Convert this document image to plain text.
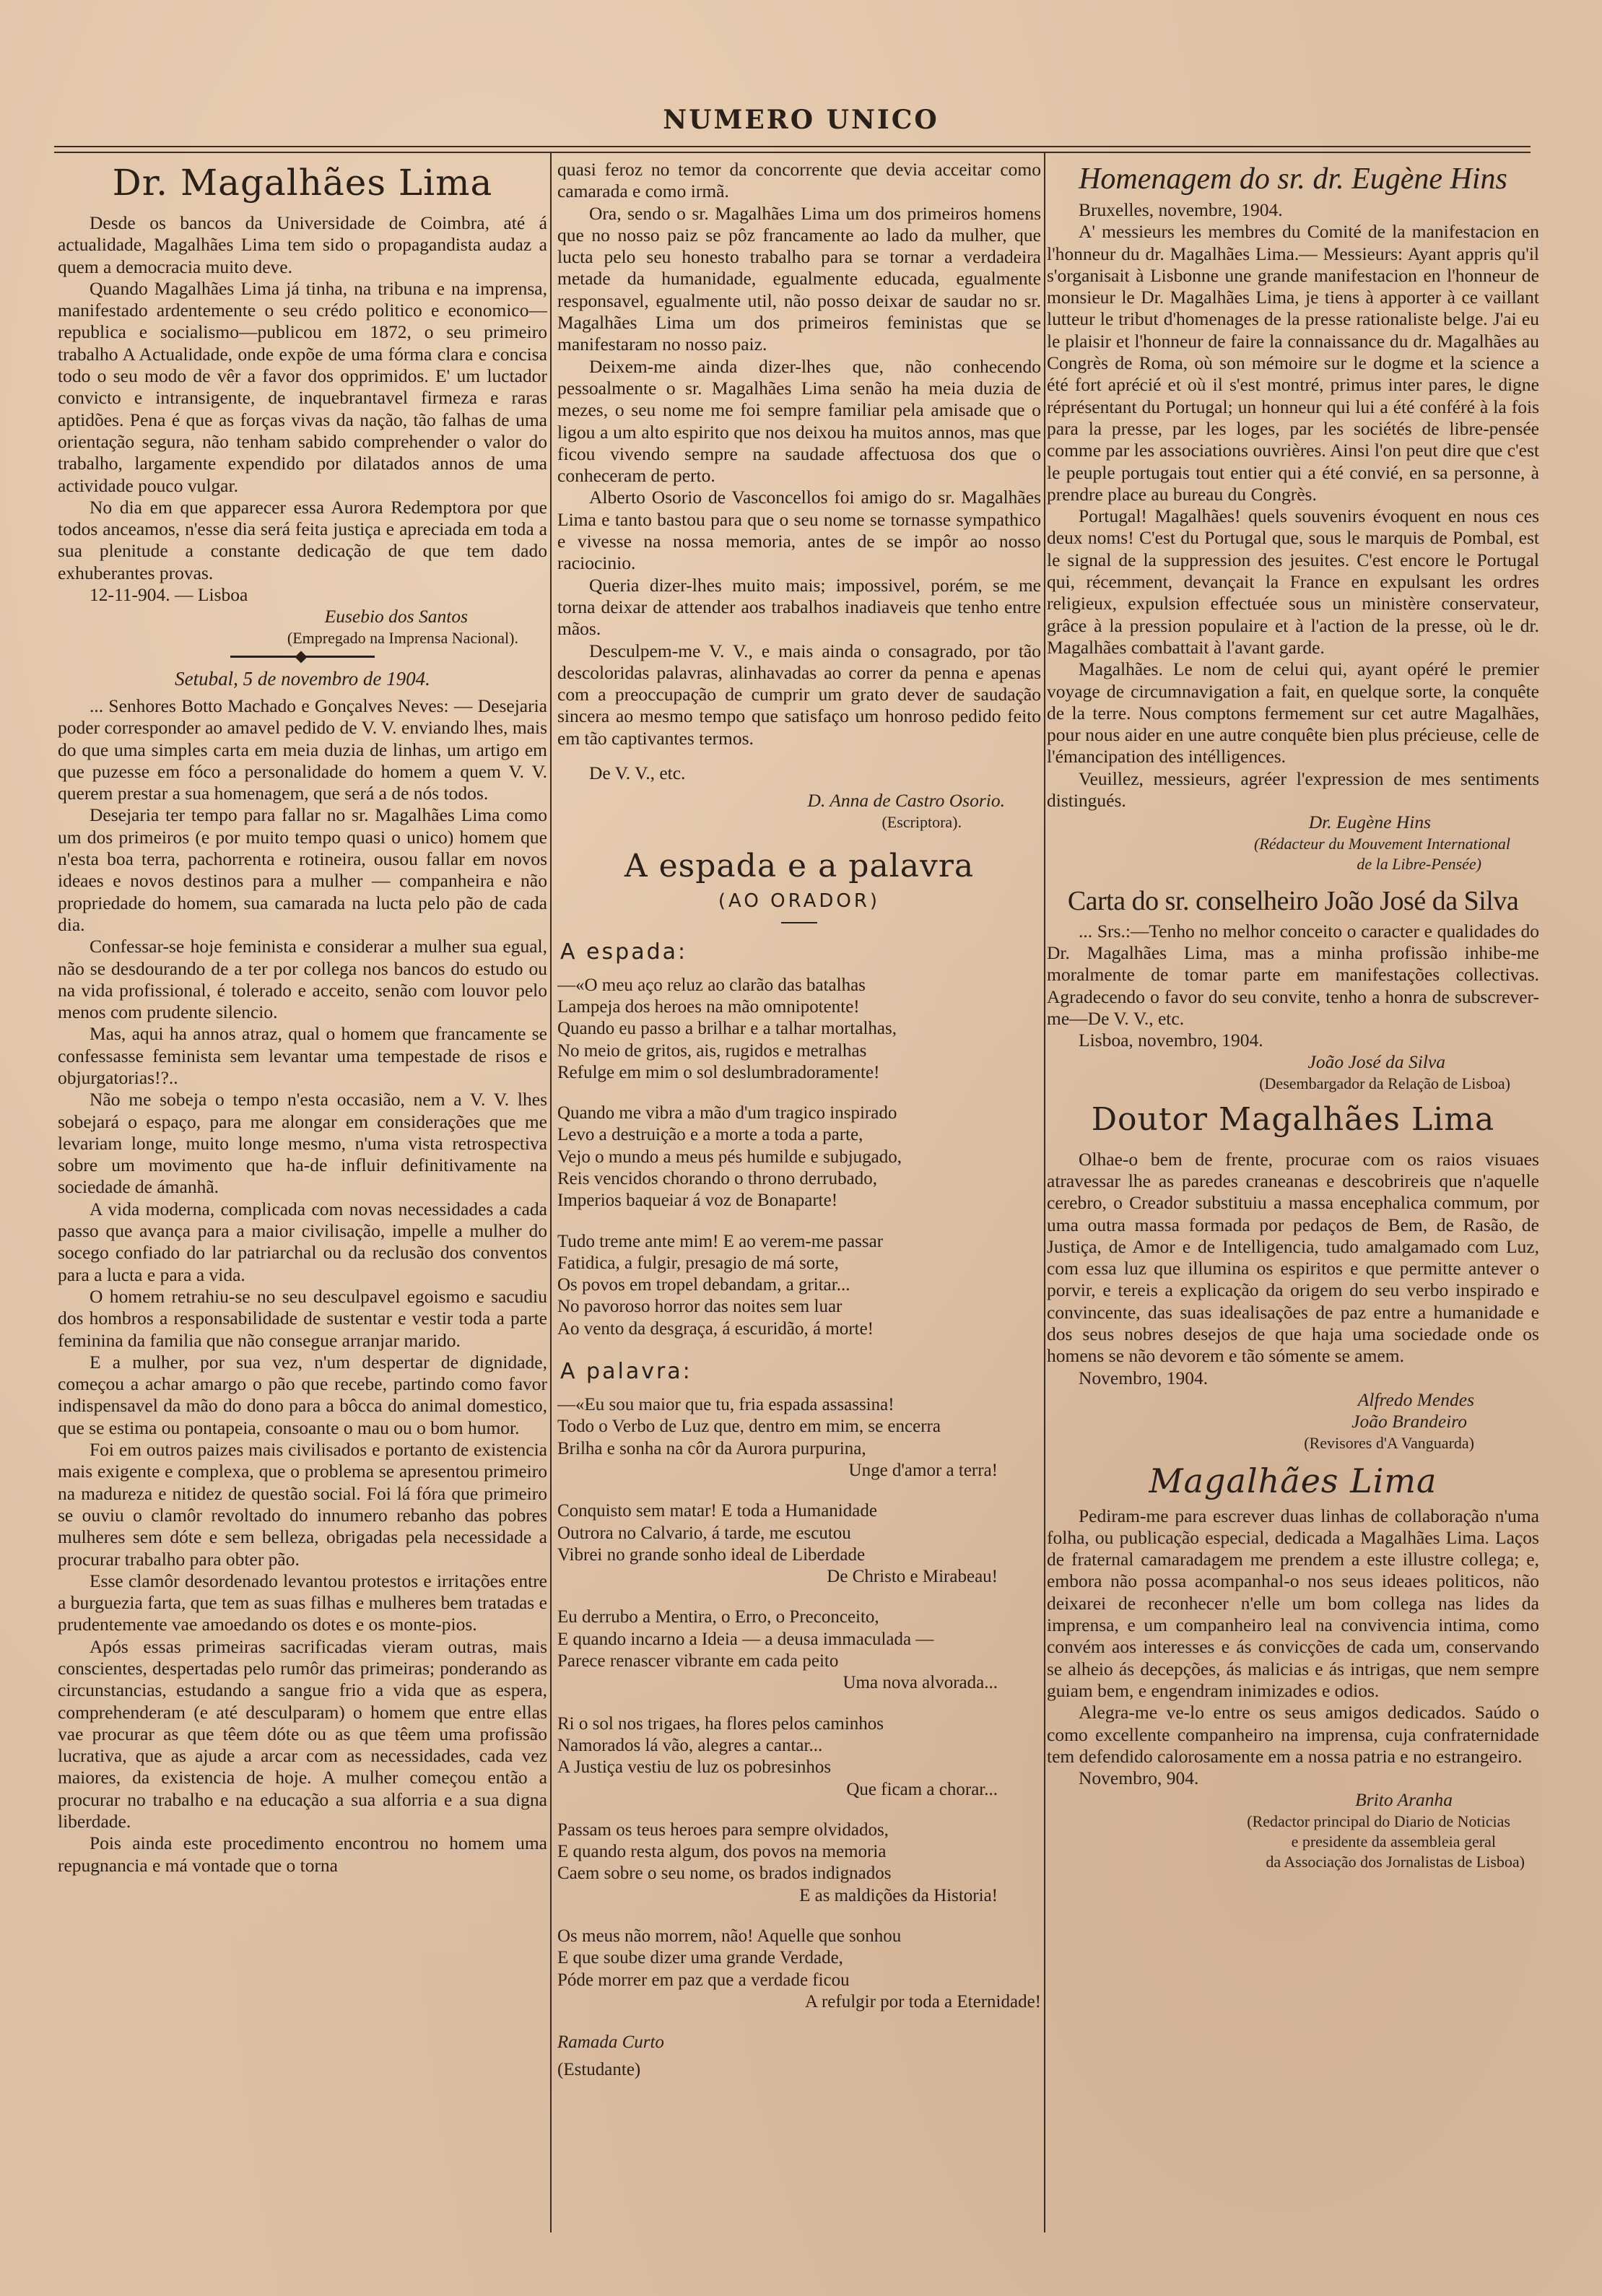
NUMERO UNICO
Dr. Magalhães Lima

Desde os bancos da Universidade de Coimbra, até á actualidade, Magalhães Lima tem sido o propagandista audaz a quem a democracia muito deve.

Quando Magalhães Lima já tinha, na tribuna e na imprensa, manifestado ardentemente o seu crédo politico e economico—republica e socialismo—publicou em 1872, o seu primeiro trabalho A Actualidade, onde expõe de uma fórma clara e concisa todo o seu modo de vêr a favor dos opprimidos. E' um luctador convicto e intransigente, de inquebrantavel firmeza e raras aptidões. Pena é que as forças vivas da nação, tão falhas de uma orientação segura, não tenham sabido comprehender o valor do trabalho, largamente expendido por dilatados annos de uma actividade pouco vulgar.

No dia em que apparecer essa Aurora Redemptora por que todos anceamos, n'esse dia será feita justiça e apreciada em toda a sua plenitude a constante dedicação de que tem dado exhuberantes provas.

12-11-904. — Lisboa

Eusebio dos Santos

(Empregado na Imprensa Nacional).

Setubal, 5 de novembro de 1904.

... Senhores Botto Machado e Gonçalves Neves: — Desejaria poder corresponder ao amavel pedido de V. V. enviando lhes, mais do que uma simples carta em meia duzia de linhas, um artigo em que puzesse em fóco a personalidade do homem a quem V. V. querem prestar a sua homenagem, que será a de nós todos.

Desejaria ter tempo para fallar no sr. Magalhães Lima como um dos primeiros (e por muito tempo quasi o unico) homem que n'esta boa terra, pachorrenta e rotineira, ousou fallar em novos ideaes e novos destinos para a mulher — companheira e não propriedade do homem, sua camarada na lucta pelo pão de cada dia.

Confessar-se hoje feminista e considerar a mulher sua egual, não se desdourando de a ter por collega nos bancos do estudo ou na vida profissional, é tolerado e acceito, senão com louvor pelo menos com prudente silencio.

Mas, aqui ha annos atraz, qual o homem que francamente se confessasse feminista sem levantar uma tempestade de risos e objurgatorias!?..

Não me sobeja o tempo n'esta occasião, nem a V. V. lhes sobejará o espaço, para me alongar em considerações que me levariam longe, muito longe mesmo, n'uma vista retrospectiva sobre um movimento que ha-de influir definitivamente na sociedade de ámanhã.

A vida moderna, complicada com novas necessidades a cada passo que avança para a maior civilisação, impelle a mulher do socego confiado do lar patriarchal ou da reclusão dos conventos para a lucta e para a vida.

O homem retrahiu-se no seu desculpavel egoismo e sacudiu dos hombros a responsabilidade de sustentar e vestir toda a parte feminina da familia que não consegue arranjar marido.

E a mulher, por sua vez, n'um despertar de dignidade, começou a achar amargo o pão que recebe, partindo como favor indispensavel da mão do dono para a bôcca do animal domestico, que se estima ou pontapeia, consoante o mau ou o bom humor.

Foi em outros paizes mais civilisados e portanto de existencia mais exigente e complexa, que o problema se apresentou primeiro na madureza e nitidez de questão social. Foi lá fóra que primeiro se ouviu o clamôr revoltado do innumero rebanho das pobres mulheres sem dóte e sem belleza, obrigadas pela necessidade a procurar trabalho para obter pão.

Esse clamôr desordenado levantou protestos e irritações entre a burguezia farta, que tem as suas filhas e mulheres bem tratadas e prudentemente vae amoedando os dotes e os monte-pios.

Após essas primeiras sacrificadas vieram outras, mais conscientes, despertadas pelo rumôr das primeiras; ponderando as circunstancias, estudando a sangue frio a vida que as espera, comprehenderam (e até desculparam) o homem que entre ellas vae procurar as que têem dóte ou as que têem uma profissão lucrativa, que as ajude a arcar com as necessidades, cada vez maiores, da existencia de hoje. A mulher começou então a procurar no trabalho e na educação a sua alforria e a sua digna liberdade.

Pois ainda este procedimento encontrou no homem uma repugnancia e má vontade que o torna

quasi feroz no temor da concorrente que devia acceitar como camarada e como irmã.

Ora, sendo o sr. Magalhães Lima um dos primeiros homens que no nosso paiz se pôz francamente ao lado da mulher, que lucta pelo seu honesto trabalho para se tornar a verdadeira metade da humanidade, egualmente educada, egualmente responsavel, egualmente util, não posso deixar de saudar no sr. Magalhães Lima um dos primeiros feministas que se manifestaram no nosso paiz.

Deixem-me ainda dizer-lhes que, não conhecendo pessoalmente o sr. Magalhães Lima senão ha meia duzia de mezes, o seu nome me foi sempre familiar pela amisade que o ligou a um alto espirito que nos deixou ha muitos annos, mas que ficou vivendo sempre na saudade affectuosa dos que o conheceram de perto.

Alberto Osorio de Vasconcellos foi amigo do sr. Magalhães Lima e tanto bastou para que o seu nome se tornasse sympathico e vivesse na nossa memoria, antes de se impôr ao nosso raciocinio.

Queria dizer-lhes muito mais; impossivel, porém, se me torna deixar de attender aos trabalhos inadiaveis que tenho entre mãos.

Desculpem-me V. V., e mais ainda o consagrado, por tão descoloridas palavras, alinhavadas ao correr da penna e apenas com a preoccupação de cumprir um grato dever de saudação sincera ao mesmo tempo que satisfaço um honroso pedido feito em tão captivantes termos.

De V. V., etc.

D. Anna de Castro Osorio.

(Escriptora).

A espada e a palavra
(AO ORADOR)
A espada:

—«O meu aço reluz ao clarão das batalhas

Lampeja dos heroes na mão omnipotente!

Quando eu passo a brilhar e a talhar mortalhas,

No meio de gritos, ais, rugidos e metralhas

Refulge em mim o sol deslumbradoramente!

Quando me vibra a mão d'um tragico inspirado

Levo a destruição e a morte a toda a parte,

Vejo o mundo a meus pés humilde e subjugado,

Reis vencidos chorando o throno derrubado,

Imperios baqueiar á voz de Bonaparte!

Tudo treme ante mim! E ao verem-me passar

Fatidica, a fulgir, presagio de má sorte,

Os povos em tropel debandam, a gritar...

No pavoroso horror das noites sem luar

Ao vento da desgraça, á escuridão, á morte!

A palavra:

—«Eu sou maior que tu, fria espada assassina!

Todo o Verbo de Luz que, dentro em mim, se encerra

Brilha e sonha na côr da Aurora purpurina,

Unge d'amor a terra!

Conquisto sem matar! E toda a Humanidade

Outrora no Calvario, á tarde, me escutou

Vibrei no grande sonho ideal de Liberdade

De Christo e Mirabeau!

Eu derrubo a Mentira, o Erro, o Preconceito,

E quando incarno a Ideia — a deusa immaculada —

Parece renascer vibrante em cada peito

Uma nova alvorada...

Ri o sol nos trigaes, ha flores pelos caminhos

Namorados lá vão, alegres a cantar...

A Justiça vestiu de luz os pobresinhos

Que ficam a chorar...

Passam os teus heroes para sempre olvidados,

E quando resta algum, dos povos na memoria

Caem sobre o seu nome, os brados indignados

E as maldições da Historia!

Os meus não morrem, não! Aquelle que sonhou

E que soube dizer uma grande Verdade,

Póde morrer em paz que a verdade ficou

A refulgir por toda a Eternidade!

Ramada Curto

(Estudante)

Homenagem do sr. dr. Eugène Hins

Bruxelles, novembre, 1904.

A' messieurs les membres du Comité de la manifestacion en l'honneur du dr. Magalhães Lima.— Messieurs: Ayant appris qu'il s'organisait à Lisbonne une grande manifestacion en l'honneur de monsieur le Dr. Magalhães Lima, je tiens à apporter à ce vaillant lutteur le tribut d'homenages de la presse rationaliste belge. J'ai eu le plaisir et l'honneur de faire la connaissance du dr. Magalhães au Congrès de Roma, où son mémoire sur le dogme et la science a été fort aprécié et où il s'est montré, primus inter pares, le digne réprésentant du Portugal; un honneur qui lui a été conféré à la fois para la presse, par les loges, par les sociétés de libre-pensée comme par les associations ouvrières. Ainsi l'on peut dire que c'est le peuple portugais tout entier qui a été convié, en sa personne, à prendre place au bureau du Congrès.

Portugal! Magalhães! quels souvenirs évoquent en nous ces deux noms! C'est du Portugal que, sous le marquis de Pombal, est le signal de la suppression des jesuites. C'est encore le Portugal qui, récemment, devançait la France en expulsant les ordres religieux, expulsion effectuée sous un ministère conservateur, grâce à la pression populaire et à l'action de la presse, où le dr. Magalhães combattait à l'avant garde.

Magalhães. Le nom de celui qui, ayant opéré le premier voyage de circumnavigation a fait, en quelque sorte, la conquête de la terre. Nous comptons fermement sur cet autre Magalhães, pour nous aider en une autre conquête bien plus précieuse, celle de l'émancipation des intélligences.

Veuillez, messieurs, agréer l'expression de mes sentiments distingués.

Dr. Eugène Hins

(Rédacteur du Mouvement International

de la Libre-Pensée)

Carta do sr. conselheiro João José da Silva

... Srs.:—Tenho no melhor conceito o caracter e qualidades do Dr. Magalhães Lima, mas a minha profissão inhibe-me moralmente de tomar parte em manifestações collectivas. Agradecendo o favor do seu convite, tenho a honra de subscrever-me—De V. V., etc.

Lisboa, novembro, 1904.

João José da Silva

(Desembargador da Relação de Lisboa)

Doutor Magalhães Lima

Olhae-o bem de frente, procurae com os raios visuaes atravessar lhe as paredes craneanas e descobrireis que n'aquelle cerebro, o Creador substituiu a massa encephalica commum, por uma outra massa formada por pedaços de Bem, de Rasão, de Justiça, de Amor e de Intelligencia, tudo amalgamado com Luz, com essa luz que illumina os espiritos e que permitte antever o porvir, e tereis a explicação da origem do seu verbo inspirado e convincente, das suas idealisações de paz entre a humanidade e dos seus nobres desejos de que haja uma sociedade onde os homens se não devorem e tão sómente se amem.

Novembro, 1904.

Alfredo Mendes

João Brandeiro

(Revisores d'A Vanguarda)

Magalhães Lima

Pediram-me para escrever duas linhas de collaboração n'uma folha, ou publicação especial, dedicada a Magalhães Lima. Laços de fraternal camaradagem me prendem a este illustre collega; e, embora não possa acompanhal-o nos seus ideaes politicos, não deixarei de reconhecer n'elle um bom collega nas lides da imprensa, e um companheiro leal na convivencia intima, como convém aos interesses e ás convicções de cada um, conservando se alheio ás decepções, ás malicias e ás intrigas, que nem sempre guiam bem, e engendram inimizades e odios.

Alegra-me ve-lo entre os seus amigos dedicados. Saúdo o como excellente companheiro na imprensa, cuja confraternidade tem defendido calorosamente em a nossa patria e no estrangeiro.

Novembro, 904.

Brito Aranha

(Redactor principal do Diario de Noticias

e presidente da assembleia geral

da Associação dos Jornalistas de Lisboa)
